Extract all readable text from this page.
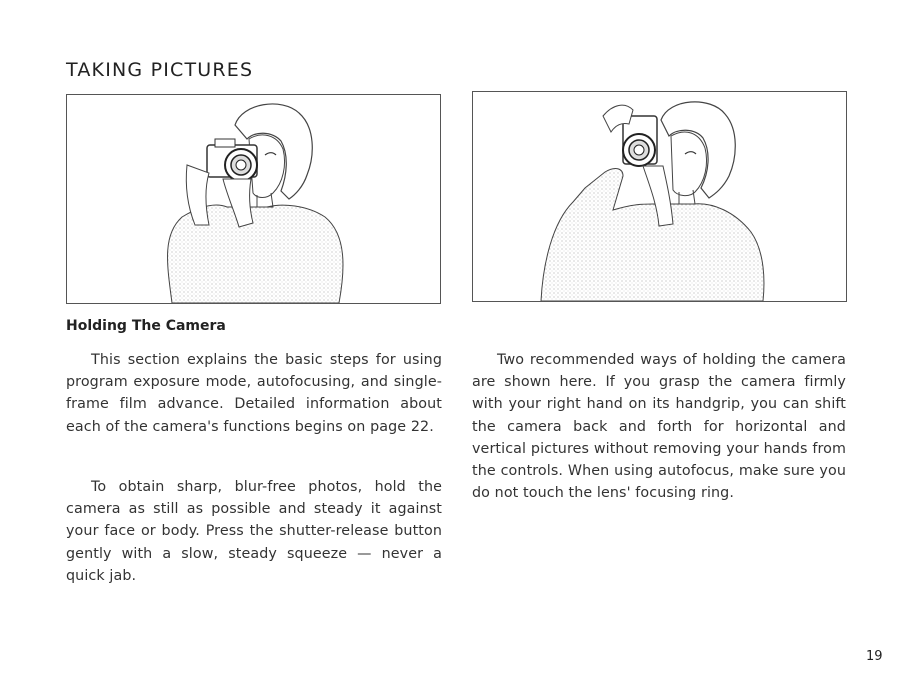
TAKING PICTURES
Holding The Camera

This section explains the basic steps for using program exposure mode, autofocusing, and single-frame film advance. Detailed information about each of the camera's functions begins on page 22.

To obtain sharp, blur-free photos, hold the camera as still as possible and steady it against your face or body. Press the shutter-release button gently with a slow, steady squeeze — never a quick jab.

Two recommended ways of holding the camera are shown here. If you grasp the camera firmly with your right hand on its handgrip, you can shift the camera back and forth for horizontal and vertical pictures without removing your hands from the controls. When using autofocus, make sure you do not touch the lens' focusing ring.

19
